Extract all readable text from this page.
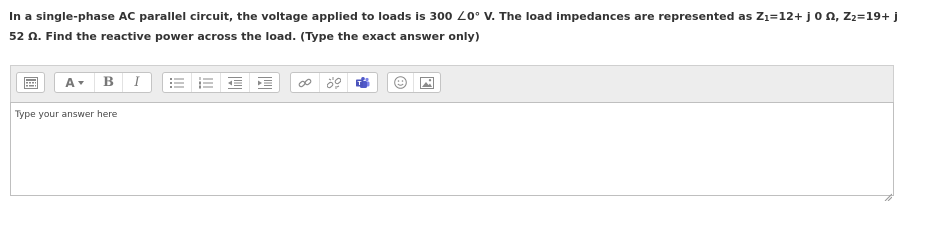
In a single-phase AC parallel circuit, the voltage applied to loads is 300 ∠0° V. The load impedances are represented as $Z_1=12+ j$ 0 Ω, $Z_2=19+ j$ 52 Ω. Find the reactive power across the load. (Type the exact answer only)
A B I	T
Type your answer here
